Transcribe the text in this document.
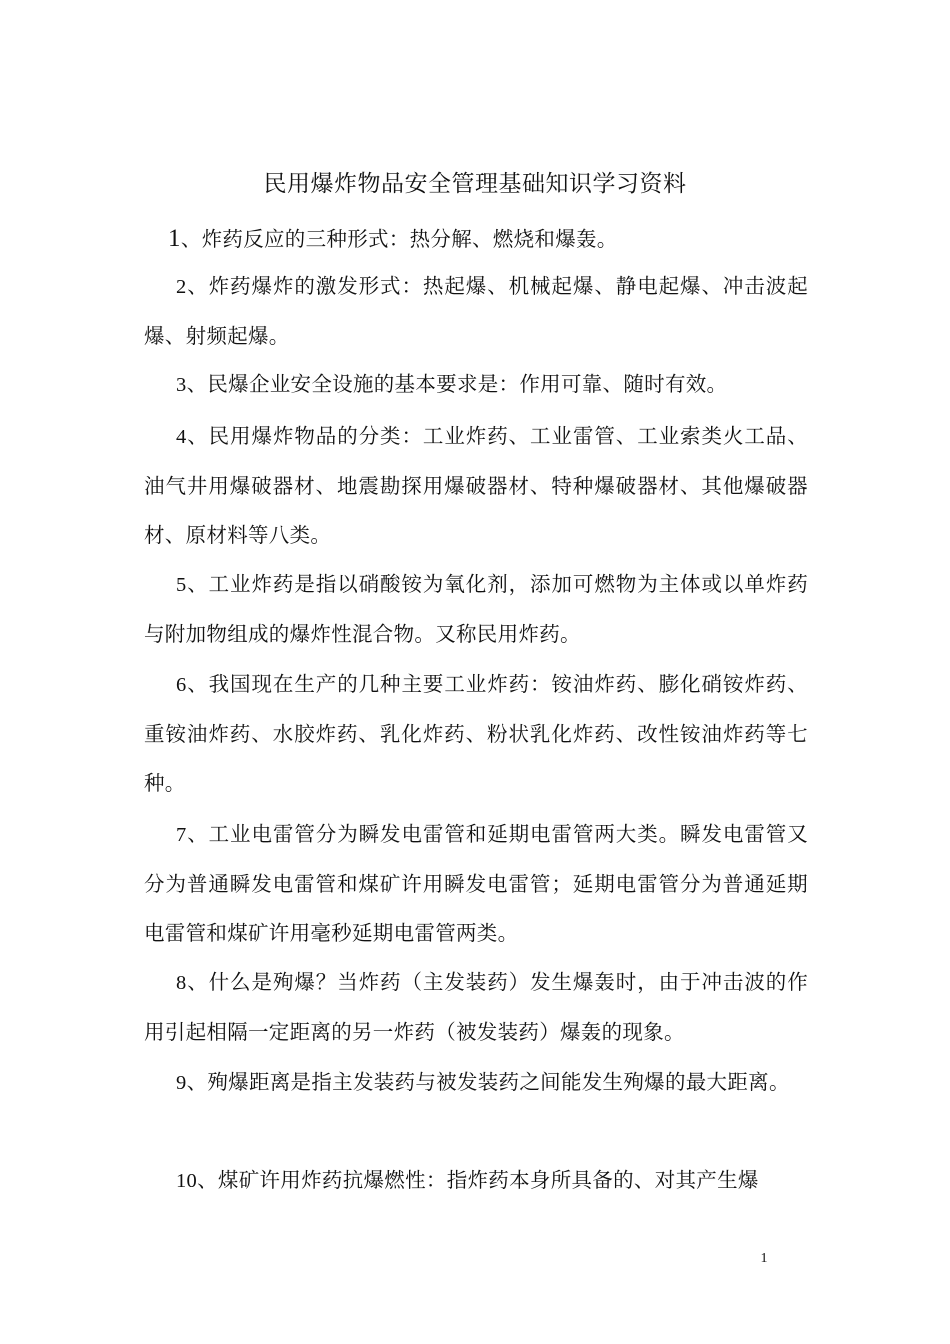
民用爆炸物品安全管理基础知识学习资料

1、炸药反应的三种形式：热分解、燃烧和爆轰。

2、炸药爆炸的激发形式：热起爆、机械起爆、静电起爆、冲击波起爆、射频起爆。

3、民爆企业安全设施的基本要求是：作用可靠、随时有效。

4、民用爆炸物品的分类：工业炸药、工业雷管、工业索类火工品、油气井用爆破器材、地震勘探用爆破器材、特种爆破器材、其他爆破器材、原材料等八类。

5、工业炸药是指以硝酸铵为氧化剂，添加可燃物为主体或以单炸药与附加物组成的爆炸性混合物。又称民用炸药。

6、我国现在生产的几种主要工业炸药：铵油炸药、膨化硝铵炸药、重铵油炸药、水胶炸药、乳化炸药、粉状乳化炸药、改性铵油炸药等七种。

7、工业电雷管分为瞬发电雷管和延期电雷管两大类。瞬发电雷管又分为普通瞬发电雷管和煤矿许用瞬发电雷管；延期电雷管分为普通延期电雷管和煤矿许用毫秒延期电雷管两类。

8、什么是殉爆？当炸药（主发装药）发生爆轰时，由于冲击波的作用引起相隔一定距离的另一炸药（被发装药）爆轰的现象。

9、殉爆距离是指主发装药与被发装药之间能发生殉爆的最大距离。

10、煤矿许用炸药抗爆燃性：指炸药本身所具备的、对其产生爆

1
